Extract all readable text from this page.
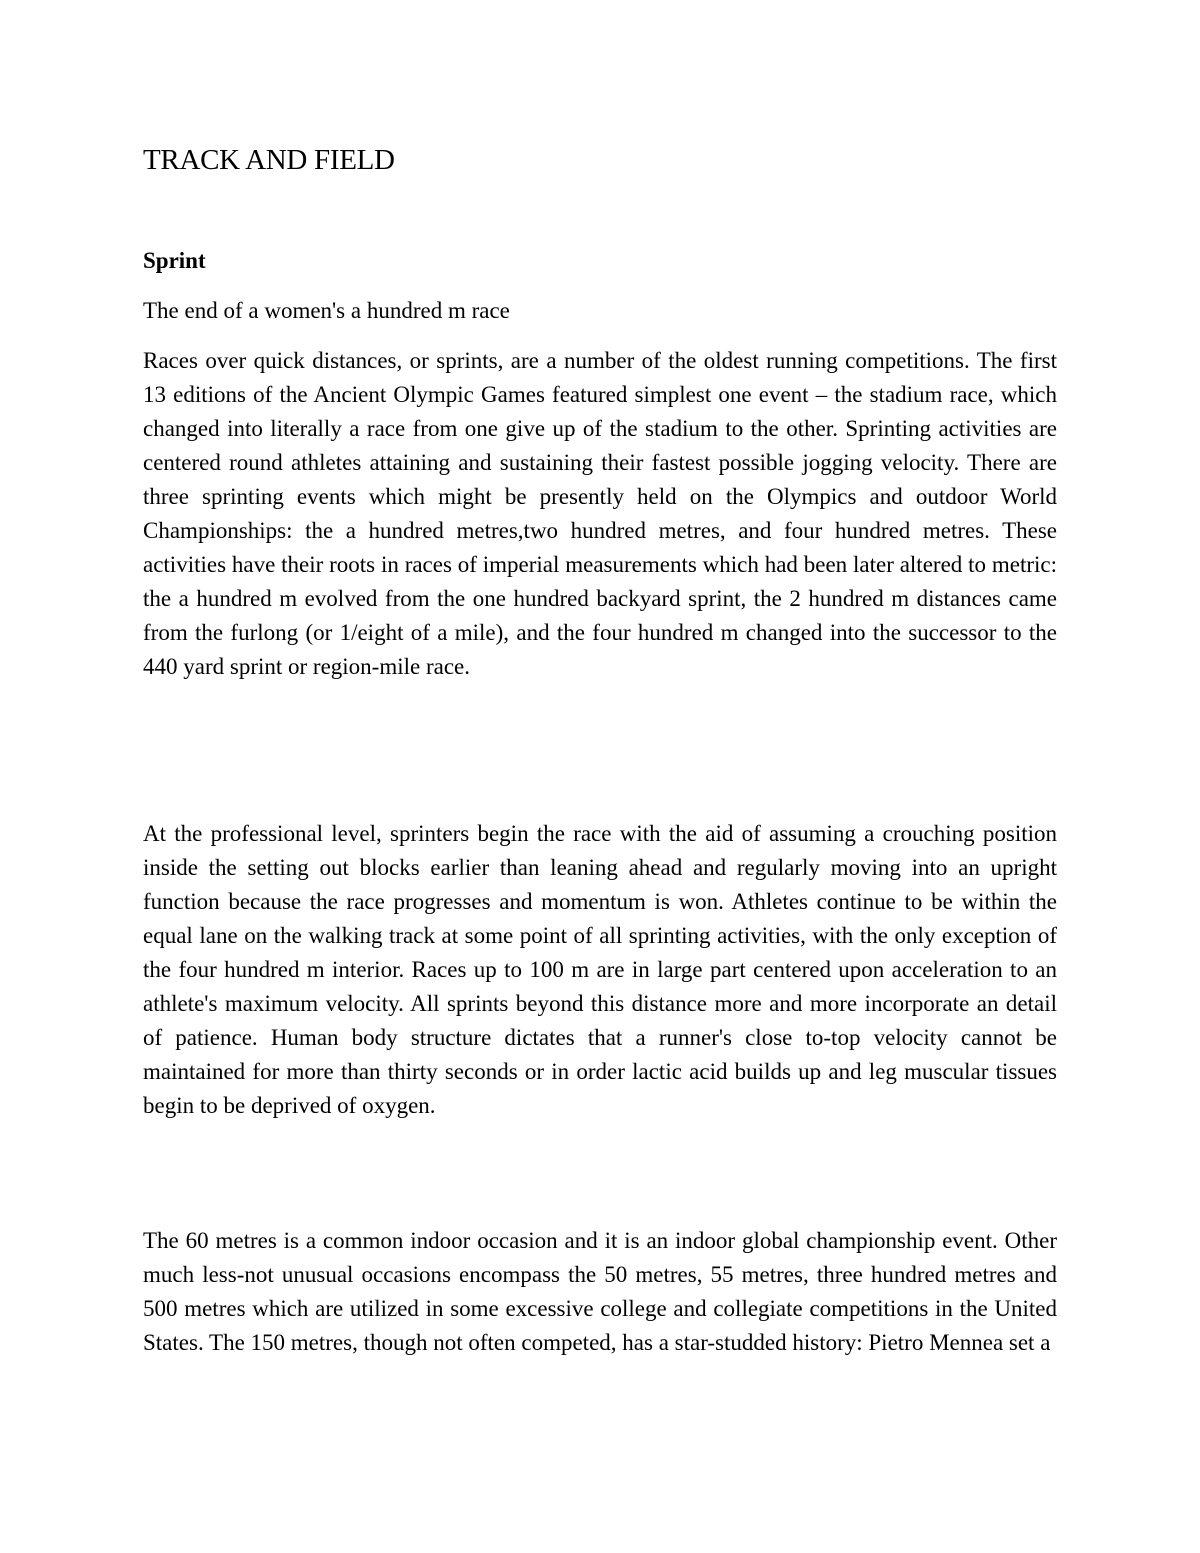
TRACK AND FIELD
Sprint

The end of a women's a hundred m race

Races over quick distances, or sprints, are a number of the oldest running competitions. The first 13 editions of the Ancient Olympic Games featured simplest one event – the stadium race, which changed into literally a race from one give up of the stadium to the other. Sprinting activities are centered round athletes attaining and sustaining their fastest possible jogging velocity. There are three sprinting events which might be presently held on the Olympics and outdoor World Championships: the a hundred metres,two hundred metres, and four hundred metres. These activities have their roots in races of imperial measurements which had been later altered to metric: the a hundred m evolved from the one hundred backyard sprint, the 2 hundred m distances came from the furlong (or 1/eight of a mile), and the four hundred m changed into the successor to the 440 yard sprint or region-mile race.

At the professional level, sprinters begin the race with the aid of assuming a crouching position inside the setting out blocks earlier than leaning ahead and regularly moving into an upright function because the race progresses and momentum is won. Athletes continue to be within the equal lane on the walking track at some point of all sprinting activities, with the only exception of the four hundred m interior. Races up to 100 m are in large part centered upon acceleration to an athlete's maximum velocity. All sprints beyond this distance more and more incorporate an detail of patience. Human body structure dictates that a runner's close to-top velocity cannot be maintained for more than thirty seconds or in order lactic acid builds up and leg muscular tissues begin to be deprived of oxygen.

The 60 metres is a common indoor occasion and it is an indoor global championship event. Other much less-not unusual occasions encompass the 50 metres, 55 metres, three hundred metres and 500 metres which are utilized in some excessive college and collegiate competitions in the United States. The 150 metres, though not often competed, has a star-studded history: Pietro Mennea set a
